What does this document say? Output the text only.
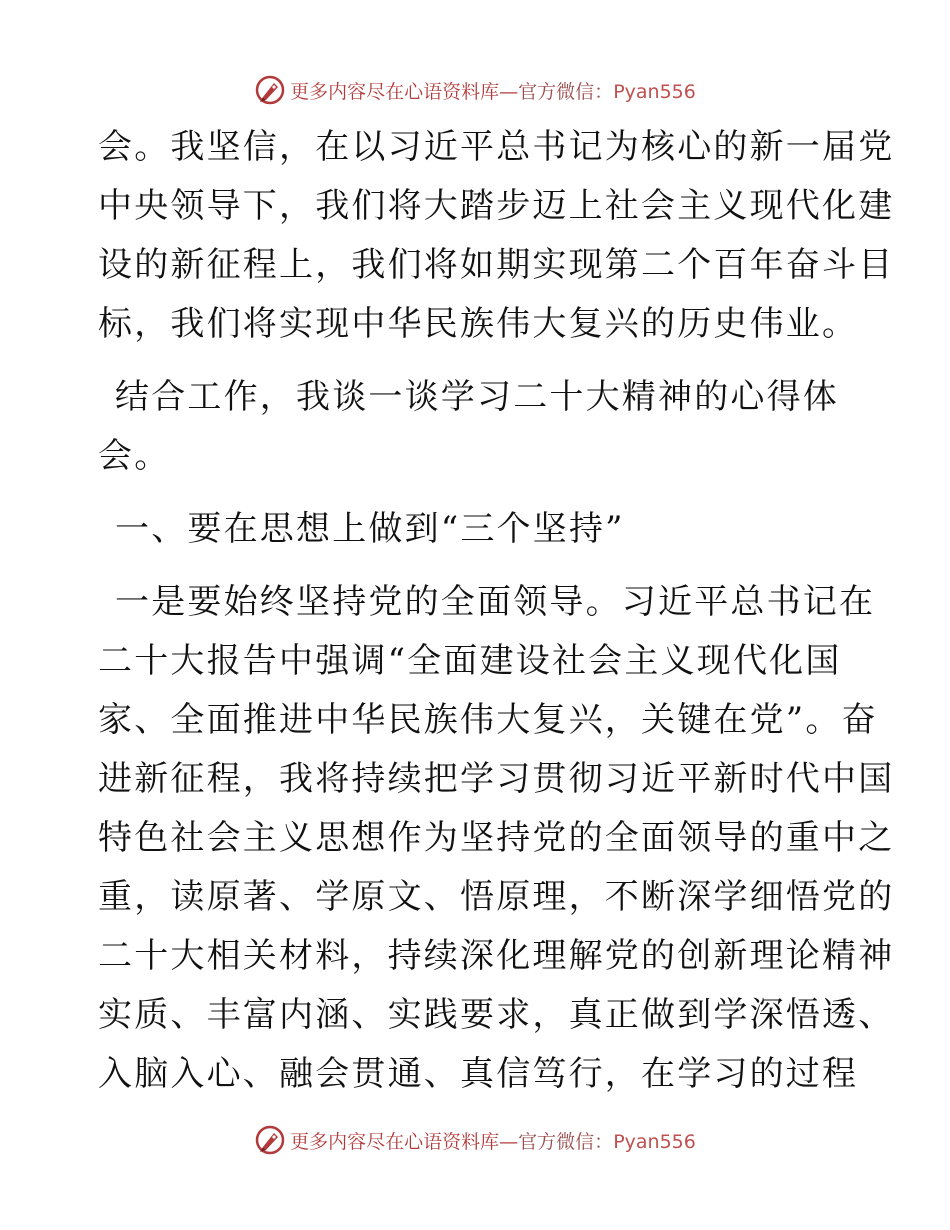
更多内容尽在心语资料库—官方微信：Pyan556
会。我坚信，在以习近平总书记为核心的新一届党
中央领导下，我们将大踏步迈上社会主义现代化建
设的新征程上，我们将如期实现第二个百年奋斗目
标，我们将实现中华民族伟大复兴的历史伟业。
结合工作，我谈一谈学习二十大精神的心得体
会。
一、要在思想上做到“三个坚持”
一是要始终坚持党的全面领导。习近平总书记在
二十大报告中强调“全面建设社会主义现代化国
家、全面推进中华民族伟大复兴，关键在党”。奋
进新征程，我将持续把学习贯彻习近平新时代中国
特色社会主义思想作为坚持党的全面领导的重中之
重，读原著、学原文、悟原理，不断深学细悟党的
二十大相关材料，持续深化理解党的创新理论精神
实质、丰富内涵、实践要求，真正做到学深悟透、
入脑入心、融会贯通、真信笃行，在学习的过程
更多内容尽在心语资料库—官方微信：Pyan556
